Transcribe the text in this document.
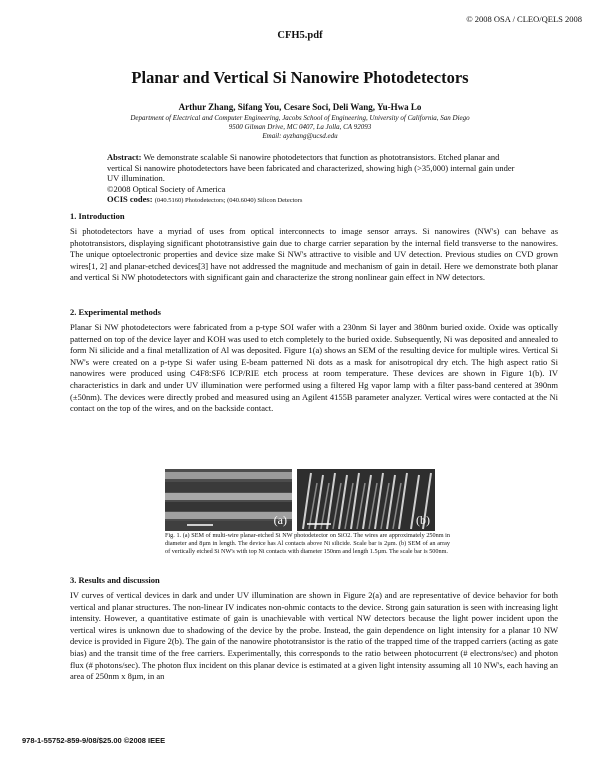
© 2008 OSA / CLEO/QELS 2008
CFH5.pdf
Planar and Vertical Si Nanowire Photodetectors
Arthur Zhang, Sifang You, Cesare Soci, Deli Wang, Yu-Hwa Lo
Department of Electrical and Computer Engineering, Jacobs School of Engineering, University of California, San Diego
9500 Gilman Drive, MC 0407, La Jolla, CA 92093
Email: ayzhang@ucsd.edu
Abstract: We demonstrate scalable Si nanowire photodetectors that function as phototransistors. Etched planar and vertical Si nanowire photodetectors have been fabricated and characterized, showing high (>35,000) internal gain under UV illumination.
©2008 Optical Society of America
OCIS codes: (040.5160) Photodetectors; (040.6040) Silicon Detectors
1. Introduction
Si photodetectors have a myriad of uses from optical interconnects to image sensor arrays. Si nanowires (NW's) can behave as phototransistors, displaying significant phototransistive gain due to charge carrier separation by the internal field transverse to the nanowires. The unique optoelectronic properties and device size make Si NW's attractive to visible and UV detection. Previous studies on CVD grown wires[1, 2] and planar-etched devices[3] have not addressed the magnitude and mechanism of gain in detail. Here we demonstrate both planar and vertical Si NW photodetectors with significant gain and characterize the strong nonlinear gain effect in NW detectors.
2. Experimental methods
Planar Si NW photodetectors were fabricated from a p-type SOI wafer with a 230nm Si layer and 380nm buried oxide. Oxide was optically patterned on top of the device layer and KOH was used to etch completely to the buried oxide. Subsequently, Ni was deposited and annealed to form Ni silicide and a final metallization of Al was deposited. Figure 1(a) shows an SEM of the resulting device for multiple wires. Vertical Si NW's were created on a p-type Si wafer using E-beam patterned Ni dots as a mask for anisotropical dry etch. The high aspect ratio Si nanowires were produced using C4F8:SF6 ICP/RIE etch process at room temperature. These devices are shown in Figure 1(b). IV characteristics in dark and under UV illumination were performed using a filtered Hg vapor lamp with a filter pass-band centered at 390nm (±50nm). The devices were directly probed and measured using an Agilent 4155B parameter analyzer. Vertical wires were contacted at the Ni contact on the top of the wires, and on the backside contact.
(a)	(b)
Fig. 1. (a) SEM of multi-wire planar-etched Si NW photodetector on SiO2. The wires are approximately 250nm in diameter and 8µm in length. The device has Al contacts above Ni silicide. Scale bar is 2µm. (b) SEM of an array of vertically etched Si NW's with top Ni contacts with diameter 150nm and length 1.5µm. The scale bar is 500nm.
3. Results and discussion
IV curves of vertical devices in dark and under UV illumination are shown in Figure 2(a) and are representative of device behavior for both vertical and planar structures. The non-linear IV indicates non-ohmic contacts to the device. Strong gain saturation is seen with increasing light intensity. However, a quantitative estimate of gain is unachievable with vertical NW detectors because the light power incident upon the vertical wires is unknown due to shadowing of the device by the probe. Instead, the gain dependence on light intensity for a planar 10 NW device is provided in Figure 2(b). The gain of the nanowire phototransistor is the ratio of the trapped time of the trapped carriers (acting as gate bias) and the transit time of the free carriers. Experimentally, this corresponds to the ratio between photocurrent (# electrons/sec) and photon flux (# photons/sec). The photon flux incident on this planar device is estimated at a given light intensity assuming all 10 NW's, each having an area of 250nm x 8µm, in an
978-1-55752-859-9/08/$25.00 ©2008 IEEE
